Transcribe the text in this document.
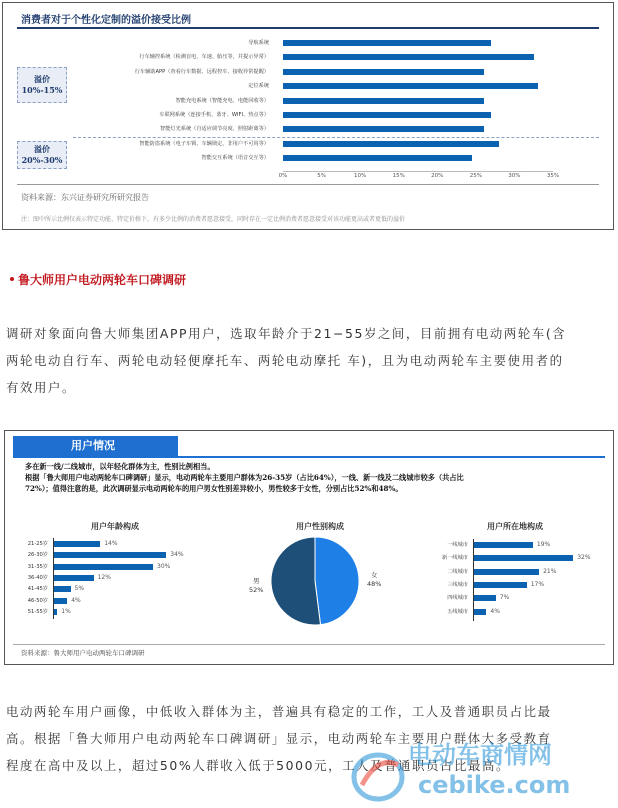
消费者对于个性化定制的溢价接受比例
溢价
10%-15%
溢价
20%-30%
导航系统
行车辅控系统（检测盲电、车速、胎压等，并提示异常）
行车辅助APP（查看行车数据、远程控车、接收异常提醒）
定位系统
智能充电系统（智能充电、电能回收等）
车联网系统（连接手机、蓝牙、WIFI、热点等）
智能灯光系统（自适应调节亮度、照射距离等）
智能防盗系统（电子车锁、车辆锁定、非用户不可用等）
智能交互系统（语音交互等）
0%	5%	10%	15%	20%	25%	30%	35%
资料来源：东兴证券研究所研究报告
注：图中所示比例仅表示特定功能、特定价格下，有多少比例的消费者愿意接受，同时存在一定比例消费者愿意接受对该功能更高或者更低的溢价
鲁大师用户电动两轮车口碑调研
调研对象面向鲁大师集团APP用户，选取年龄介于21−55岁之间，目前拥有电动两轮车(含
两轮电动自行车、两轮电动轻便摩托车、两轮电动摩托 车)，且为电动两轮车主要使用者的
有效用户。
用户情况
多在新一线/二线城市，以年轻化群体为主，性别比例相当。
根据「鲁大师用户电动两轮车口碑调研」显示，电动两轮车主要用户群体为26-35岁（占比64%），一线、新一线及二线城市较多（共占比
72%）；值得注意的是，此次调研显示电动两轮车的用户男女性别差异较小，男性较多于女性，分别占比52%和48%。
用户年龄构成	用户性别构成	用户所在地构成
21-25岁	14%
26-30岁	34%
31-35岁	30%
36-40岁	12%
41-45岁	5%
46-50岁	4%
51-55岁 1%
一线城市	19%
新一线城市	32%
二线城市	21%
三线城市	17%
四线城市	7%
五线城市	4%
男
52%
女
48%
资料来源：鲁大师用户电动两轮车口碑调研
电动两轮车用户画像，中低收入群体为主，普遍具有稳定的工作，工人及普通职员占比最
高。根据「鲁大师用户电动两轮车口碑调研」显示，电动两轮车主要用户群体大多受教育
程度在高中及以上，超过50%人群收入低于5000元，工人及普通职员占比最高。
电动车商情网
cebike.com
